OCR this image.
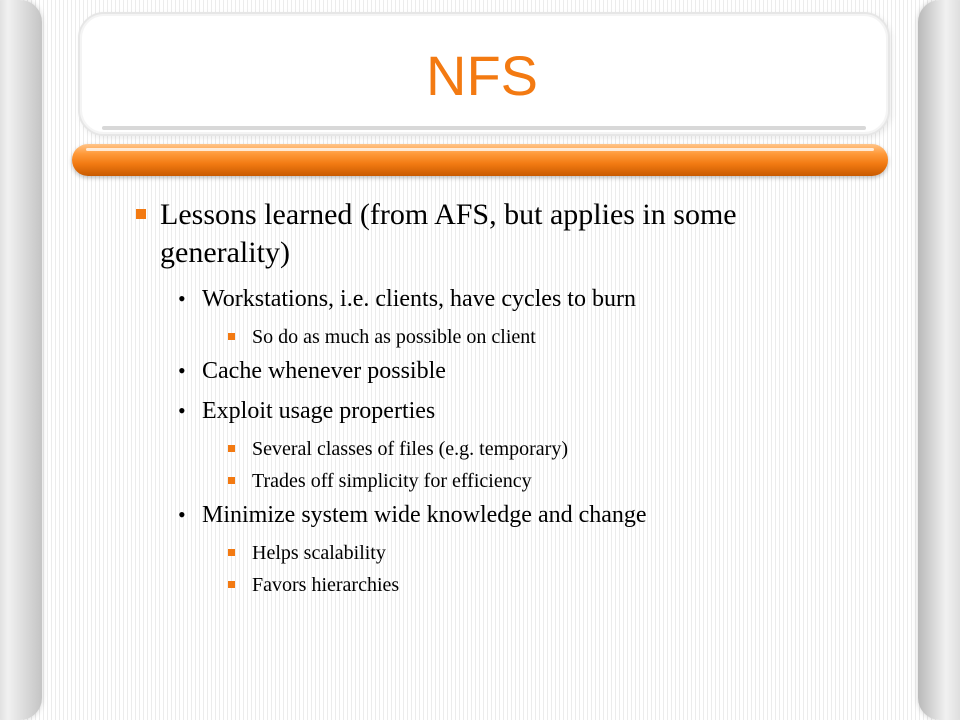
NFS
Lessons learned (from AFS, but applies in some generality)
• Workstations, i.e. clients, have cycles to burn
So do as much as possible on client
• Cache whenever possible
• Exploit usage properties
Several classes of files (e.g. temporary)
Trades off simplicity for efficiency
• Minimize system wide knowledge and change
Helps scalability
Favors hierarchies
